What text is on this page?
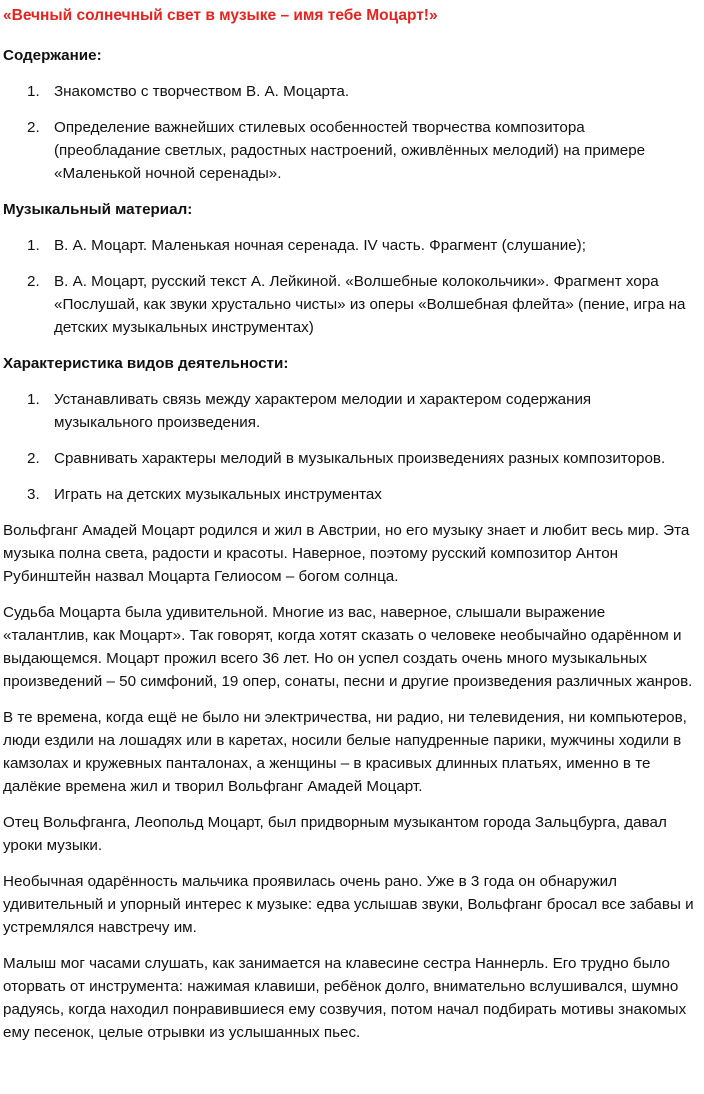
«Вечный солнечный свет в музыке – имя тебе Моцарт!»
Содержание:
1. Знакомство с творчеством В. А. Моцарта.
2. Определение важнейших стилевых особенностей творчества композитора (преобладание светлых, радостных настроений, оживлённых мелодий) на примере «Маленькой ночной серенады».
Музыкальный материал:
1. В. А. Моцарт. Маленькая ночная серенада. IV часть. Фрагмент (слушание);
2. В. А. Моцарт, русский текст А. Лейкиной. «Волшебные колокольчики». Фрагмент хора «Послушай, как звуки хрустально чисты» из оперы «Волшебная флейта» (пение, игра на детских музыкальных инструментах)
Характеристика видов деятельности:
1. Устанавливать связь между характером мелодии и характером содержания музыкального произведения.
2. Сравнивать характеры мелодий в музыкальных произведениях разных композиторов.
3. Играть на детских музыкальных инструментах

Вольфганг Амадей Моцарт родился и жил в Австрии, но его музыку знает и любит весь мир. Эта музыка полна света, радости и красоты. Наверное, поэтому русский композитор Антон Рубинштейн назвал Моцарта Гелиосом – богом солнца.

Судьба Моцарта была удивительной. Многие из вас, наверное, слышали выражение «талантлив, как Моцарт». Так говорят, когда хотят сказать о человеке необычайно одарённом и выдающемся. Моцарт прожил всего 36 лет. Но он успел создать очень много музыкальных произведений – 50 симфоний, 19 опер, сонаты, песни и другие произведения различных жанров.

В те времена, когда ещё не было ни электричества, ни радио, ни телевидения, ни компьютеров, люди ездили на лошадях или в каретах, носили белые напудренные парики, мужчины ходили в камзолах и кружевных панталонах, а женщины – в красивых длинных платьях, именно в те далёкие времена жил и творил Вольфганг Амадей Моцарт.

Отец Вольфганга, Леопольд Моцарт, был придворным музыкантом города Зальцбурга, давал уроки музыки.

Необычная одарённость мальчика проявилась очень рано. Уже в 3 года он обнаружил удивительный и упорный интерес к музыке: едва услышав звуки, Вольфганг бросал все забавы и устремлялся навстречу им.

Малыш мог часами слушать, как занимается на клавесине сестра Наннерль. Его трудно было оторвать от инструмента: нажимая клавиши, ребёнок долго, внимательно вслушивался, шумно радуясь, когда находил понравившиеся ему созвучия, потом начал подбирать мотивы знакомых ему песенок, целые отрывки из услышанных пьес.
